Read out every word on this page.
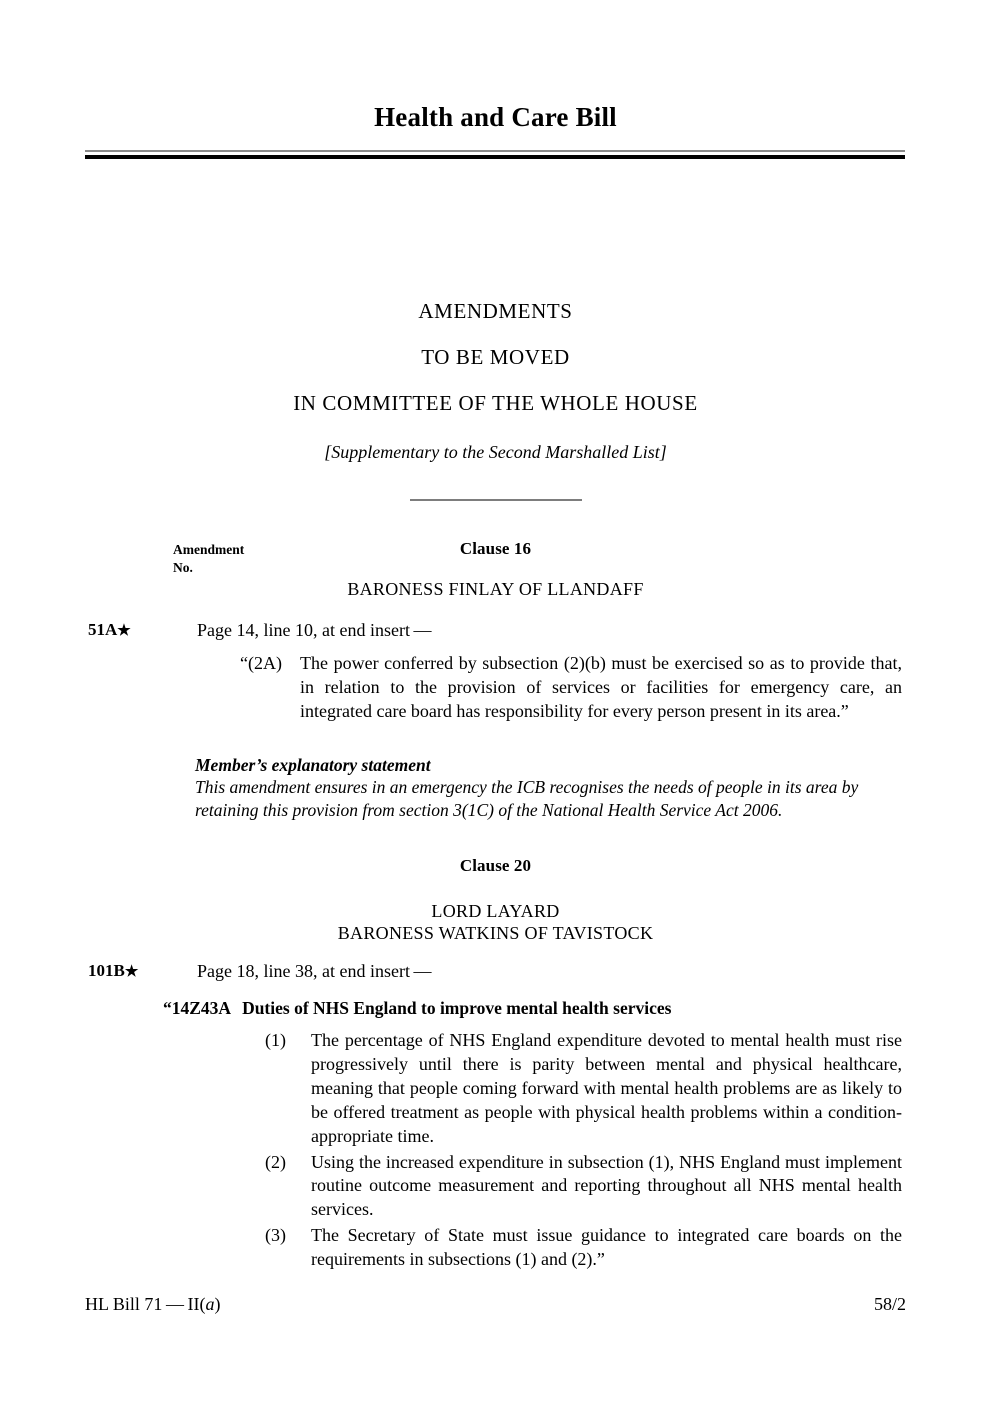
Health and Care Bill
AMENDMENTS
TO BE MOVED
IN COMMITTEE OF THE WHOLE HOUSE
[Supplementary to the Second Marshalled List]
Amendment
No.
Clause 16
BARONESS FINLAY OF LLANDAFF
51A★	Page 14, line 10, at end insert —
“(2A)	The power conferred by subsection (2)(b) must be exercised so as to provide that, in relation to the provision of services or facilities for emergency care, an integrated care board has responsibility for every person present in its area.”
Member’s explanatory statement
This amendment ensures in an emergency the ICB recognises the needs of people in its area by retaining this provision from section 3(1C) of the National Health Service Act 2006.
Clause 20
LORD LAYARD
BARONESS WATKINS OF TAVISTOCK
101B★	Page 18, line 38, at end insert —
“14Z43A Duties of NHS England to improve mental health services
(1)	The percentage of NHS England expenditure devoted to mental health must rise progressively until there is parity between mental and physical healthcare, meaning that people coming forward with mental health problems are as likely to be offered treatment as people with physical health problems within a condition-appropriate time.
(2)	Using the increased expenditure in subsection (1), NHS England must implement routine outcome measurement and reporting throughout all NHS mental health services.
(3)	The Secretary of State must issue guidance to integrated care boards on the requirements in subsections (1) and (2).”
HL Bill 71 — II(a)	58/2
